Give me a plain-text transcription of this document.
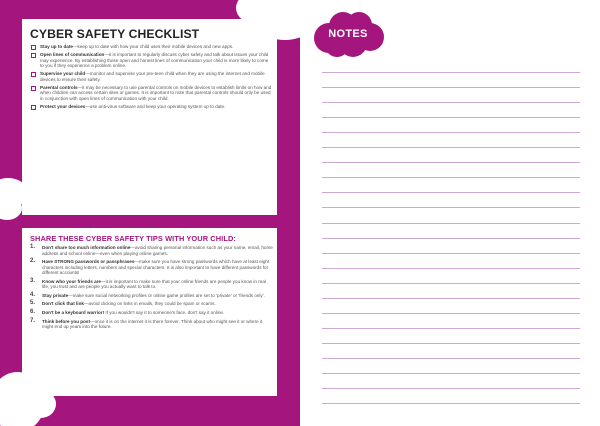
CYBER SAFETY CHECKLIST
Stay up to date—keep up to date with how your child uses their mobile devices and new apps.
Open lines of communication—it is important to regularly discuss cyber safety and talk about issues your child may experience. By establishing these open and honest lines of communication your child is more likely to come to you if they experience a problem online.
Supervise your child—monitor and supervise your pre-teen child when they are using the internet and mobile devices to ensure their safety.
Parental controls—it may be necessary to use parental controls on mobile devices to establish limits on how and when children can access certain sites or games. It is important to note that parental controls should only be used in conjunction with open lines of communication with your child.
Protect your devices—use anti-virus software and keep your operating system up to date.
SHARE THESE CYBER SAFETY TIPS WITH YOUR CHILD:
1. Don't share too much information online—avoid sharing personal information such as your name, email, home address and school online—even when playing online games.
2. Have STRONG passwords or passphrases—make sure you have strong passwords which have at least eight characters including letters, numbers and special characters. It is also important to have different passwords for different accounts!
3. Know who your friends are—it is important to make sure that your online friends are people you know in real life, you trust and are people you actually want to talk to.
4. Stay private—make sure social networking profiles or online game profiles are set to 'private' or 'friends only'.
5. Don't click that link—avoid clicking on links in emails, they could be spam or scams.
6. Don't be a keyboard warrior! If you wouldn't say it to someone's face, don't say it online.
7. Think before you post—once it is on the internet it is there forever. Think about who might see it or where it might end up years into the future.
NOTES
